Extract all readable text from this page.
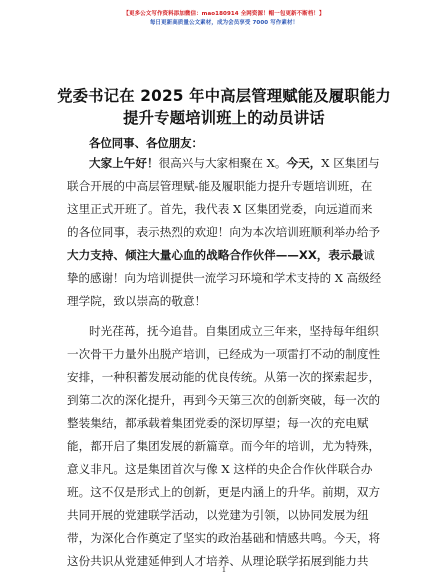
【更多公文写作资料添加微信：mao180914 全网资源！帽一包更新不断档！】
每日更新高质量公文素材，成为会员享受 7000 写作素材！
党委书记在 2025 年中高层管理赋能及履职能力
提升专题培训班上的动员讲话
各位同事、各位朋友：
大家上午好！很高兴与大家相聚在 X。今天，X 区集团与
联合开展的中高层管理赋-能及履职能力提升专题培训班，在
这里正式开班了。首先，我代表 X 区集团党委，向远道而来
的各位同事，表示热烈的欢迎！向为本次培训班顺利举办给予
大力支持、倾注大量心血的战略合作伙伴——XX，表示最诚
挚的感谢！向为培训提供一流学习环境和学术支持的 X 高级经
理学院，致以崇高的敬意！
时光荏苒，抚今追昔。自集团成立三年来，坚持每年组织
一次骨干力量外出脱产培训，已经成为一项雷打不动的制度性
安排，一种积蓄发展动能的优良传统。从第一次的探索起步，
到第二次的深化提升，再到今天第三次的创新突破，每一次的
整装集结，都承载着集团党委的深切厚望；每一次的充电赋
能，都开启了集团发展的新篇章。而今年的培训，尤为特殊，
意义非凡。这是集团首次与像 X 这样的央企合作伙伴联合办
班。这不仅是形式上的创新，更是内涵上的升华。前期，双方
共同开展的党建联学活动，以党建为引领，以协同发展为纽
带，为深化合作奠定了坚实的政治基础和情感共鸣。今天，将
这份共识从党建延伸到人才培养、从理论联学拓展到能力共
1
